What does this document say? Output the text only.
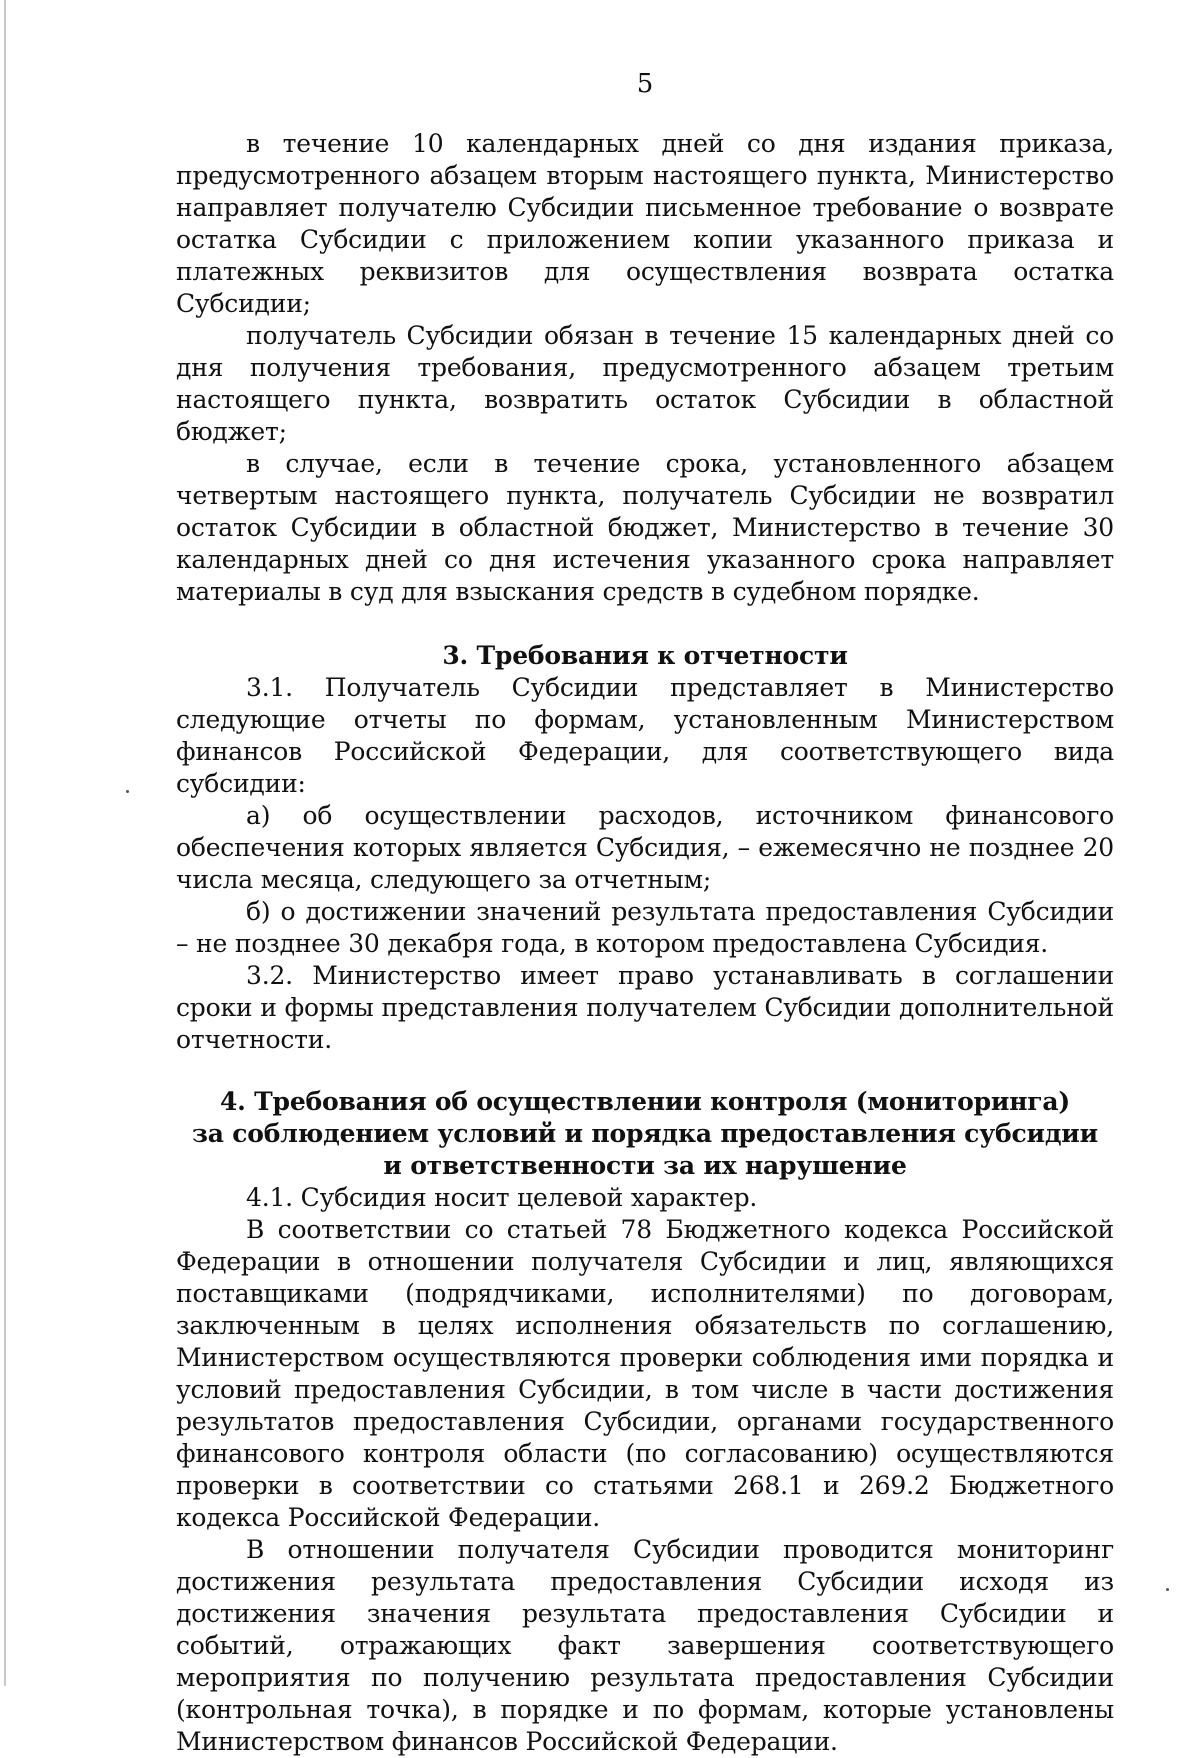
5

в течение 10 календарных дней со дня издания приказа, предусмотренного абзацем вторым настоящего пункта, Министерство направляет получателю Субсидии письменное требование о возврате остатка Субсидии с приложением копии указанного приказа и платежных реквизитов для осуществления возврата остатка Субсидии;

получатель Субсидии обязан в течение 15 календарных дней со дня получения требования, предусмотренного абзацем третьим настоящего пункта, возвратить остаток Субсидии в областной бюджет;

в случае, если в течение срока, установленного абзацем четвертым настоящего пункта, получатель Субсидии не возвратил остаток Субсидии в областной бюджет, Министерство в течение 30 календарных дней со дня истечения указанного срока направляет материалы в суд для взыскания средств в судебном порядке.

3. Требования к отчетности

3.1. Получатель Субсидии представляет в Министерство следующие отчеты по формам, установленным Министерством финансов Российской Федерации, для соответствующего вида субсидии:

а) об осуществлении расходов, источником финансового обеспечения которых является Субсидия, – ежемесячно не позднее 20 числа месяца, следующего за отчетным;

б) о достижении значений результата предоставления Субсидии – не позднее 30 декабря года, в котором предоставлена Субсидия.

3.2. Министерство имеет право устанавливать в соглашении сроки и формы представления получателем Субсидии дополнительной отчетности.

4. Требования об осуществлении контроля (мониторинга)

за соблюдением условий и порядка предоставления субсидии

и ответственности за их нарушение

4.1. Субсидия носит целевой характер.

В соответствии со статьей 78 Бюджетного кодекса Российской Федерации в отношении получателя Субсидии и лиц, являющихся поставщиками (подрядчиками, исполнителями) по договорам, заключенным в целях исполнения обязательств по соглашению, Министерством осуществляются проверки соблюдения ими порядка и условий предоставления Субсидии, в том числе в части достижения результатов предоставления Субсидии, органами государственного финансового контроля области (по согласованию) осуществляются проверки в соответствии со статьями 268.1 и 269.2 Бюджетного кодекса Российской Федерации.

В отношении получателя Субсидии проводится мониторинг достижения результата предоставления Субсидии исходя из достижения значения результата предоставления Субсидии и событий, отражающих факт завершения соответствующего мероприятия по получению результата предоставления Субсидии (контрольная точка), в порядке и по формам, которые установлены Министерством финансов Российской Федерации.
